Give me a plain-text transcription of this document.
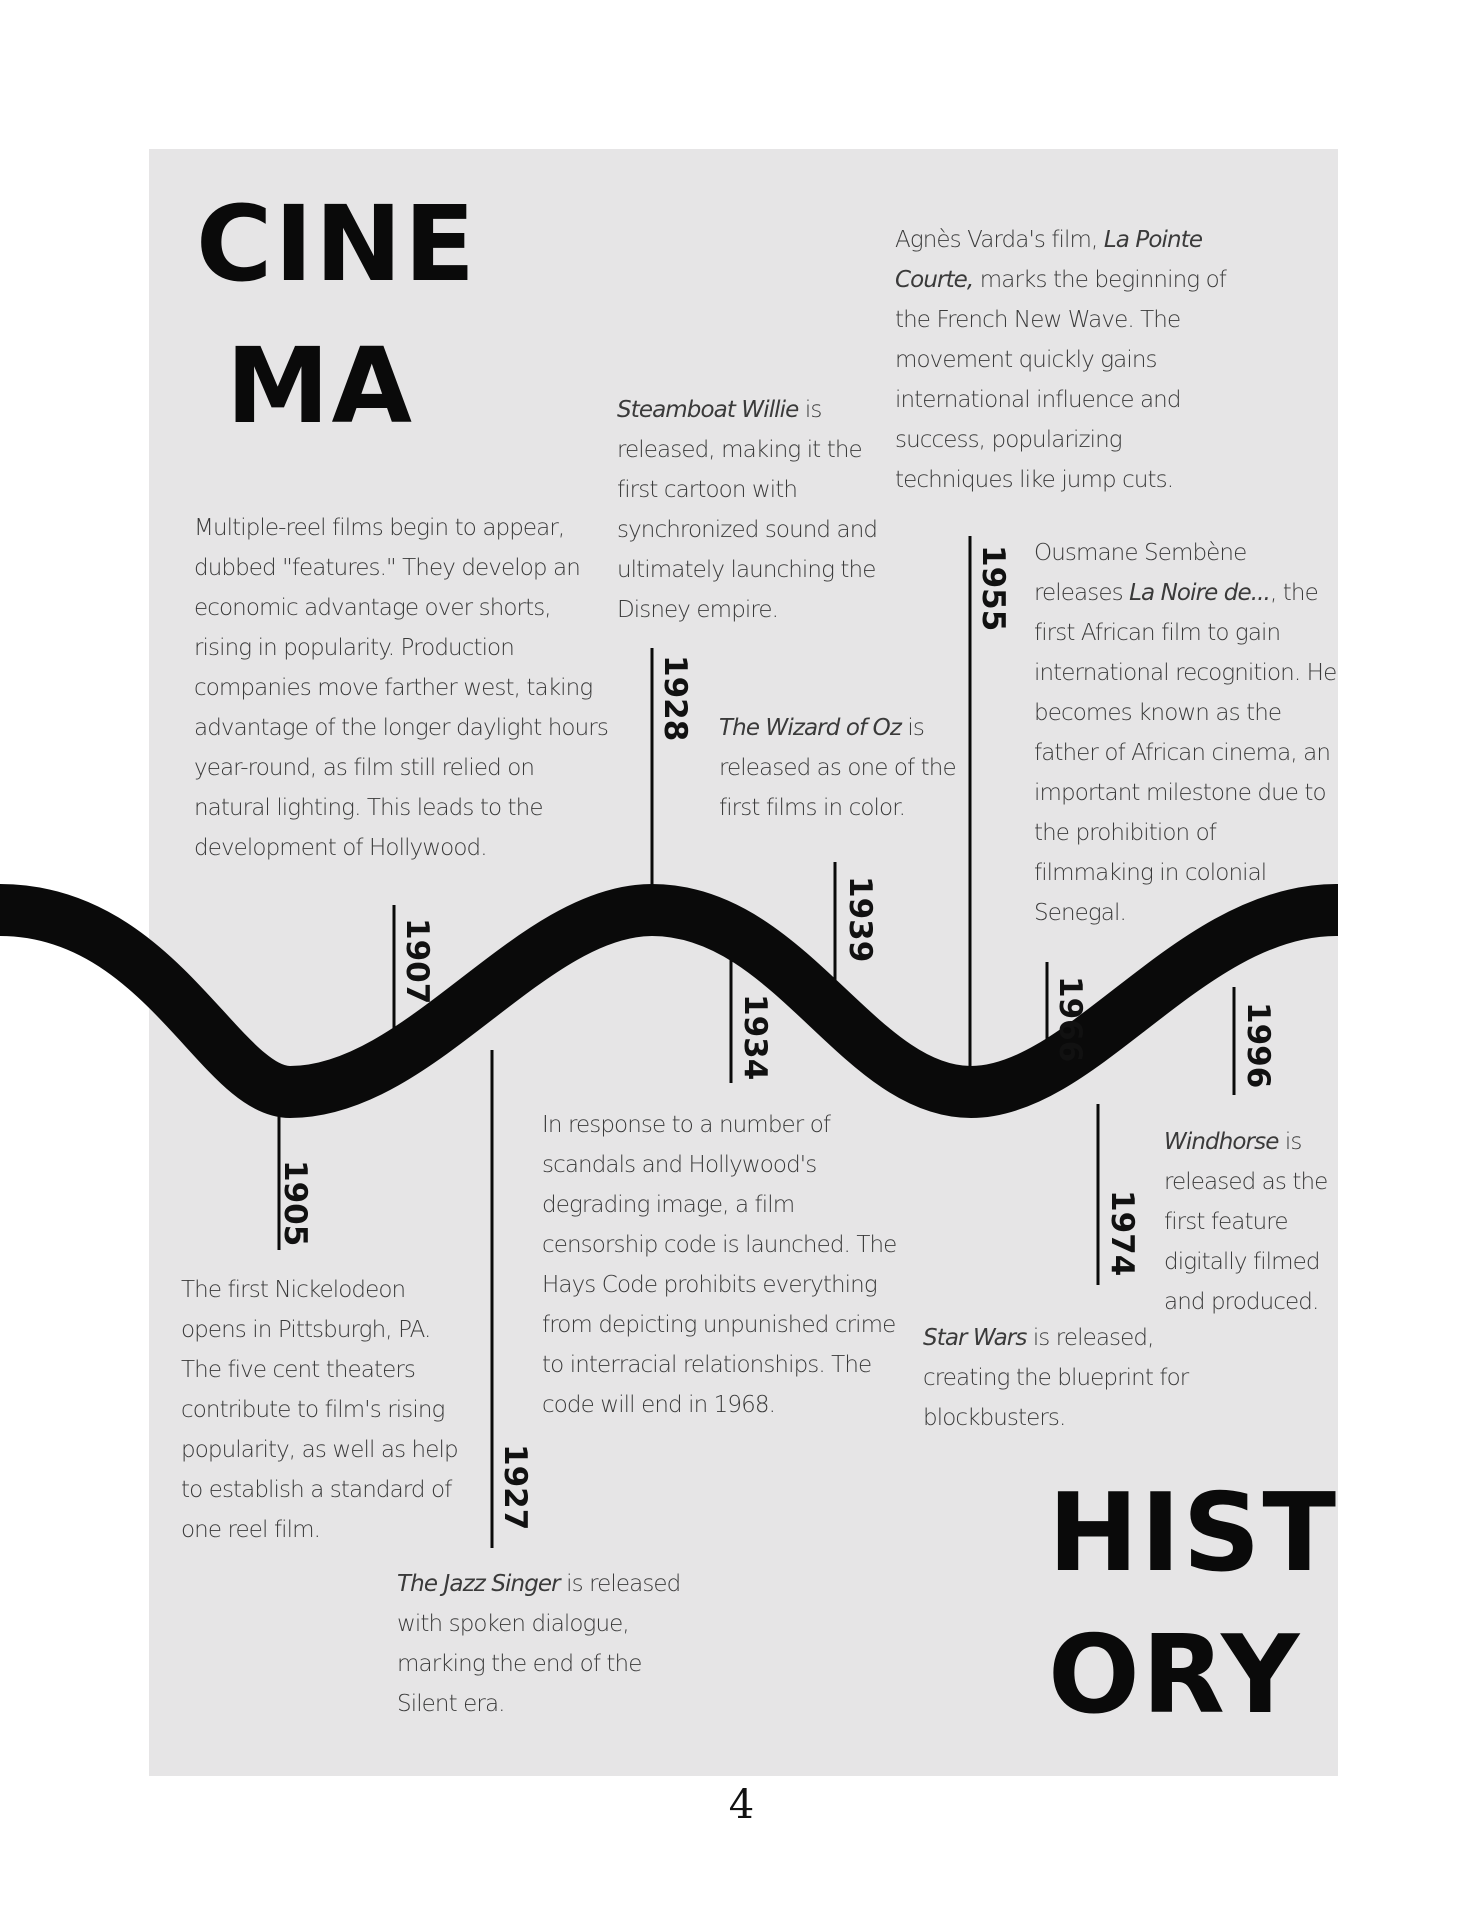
CINE
MA
HIST
ORY

1905

1907

1927

1928

1934

1939

1955

1966

1974

1996

The first Nickelodeon opens in Pittsburgh, PA. The five cent theaters contribute to film's rising popularity, as well as help to establish a standard of one reel film.

Multiple-reel films begin to appear, dubbed "features." They develop an economic advantage over shorts, rising in popularity. Production companies move farther west, taking advantage of the longer daylight hours year-round, as film still relied on natural lighting. This leads to the development of Hollywood.

The Jazz Singer is released with spoken dialogue, marking the end of the Silent era.

Steamboat Willie is released, making it the first cartoon with synchronized sound and ultimately launching the Disney empire.

In response to a number of scandals and Hollywood's degrading image, a film censorship code is launched. The Hays Code prohibits everything from depicting unpunished crime to interracial relationships. The code will end in 1968.

The Wizard of Oz is released as one of the first films in color.

Agnès Varda's film, La Pointe Courte, marks the beginning of the French New Wave. The movement quickly gains international influence and success, popularizing techniques like jump cuts.

Ousmane Sembène releases La Noire de..., the first African film to gain international recognition. He becomes known as the father of African cinema, an important milestone due to the prohibition of filmmaking in colonial Senegal.

Star Wars is released, creating the blueprint for blockbusters.

Windhorse is released as the first feature digitally filmed and produced.

4
